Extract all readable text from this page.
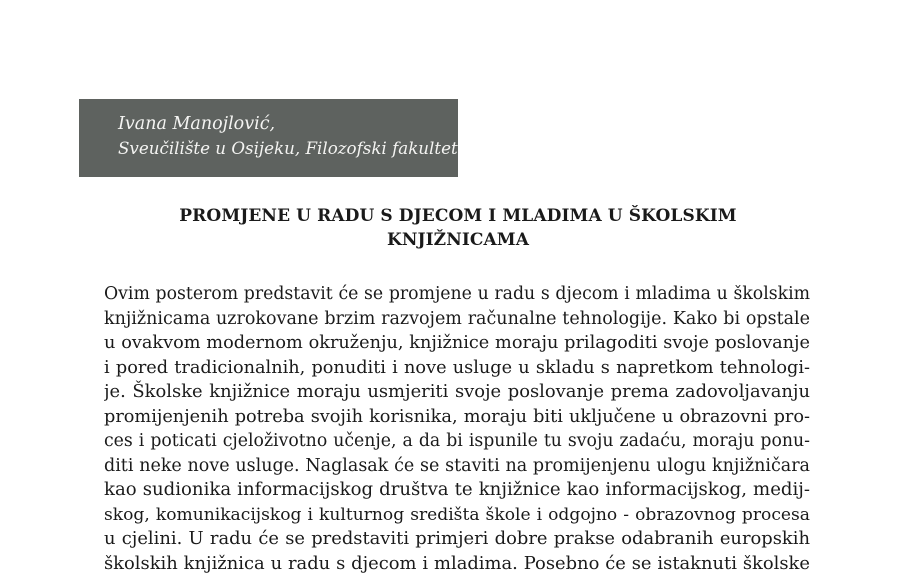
Ivana Manojlović,
Sveučilište u Osijeku, Filozofski fakultet
PROMJENE U RADU S DJECOM I MLADIMA U ŠKOLSKIM
KNJIŽNICAMA
Ovim posterom predstavit će se promjene u radu s djecom i mladima u školskim
knjižnicama uzrokovane brzim razvojem računalne tehnologije. Kako bi opstale
u ovakvom modernom okruženju, knjižnice moraju prilagoditi svoje poslovanje
i pored tradicionalnih, ponuditi i nove usluge u skladu s napretkom tehnologi-
je. Školske knjižnice moraju usmjeriti svoje poslovanje prema zadovoljavanju
promijenjenih potreba svojih korisnika, moraju biti uključene u obrazovni pro-
ces i poticati cjeloživotno učenje, a da bi ispunile tu svoju zadaću, moraju ponu-
diti neke nove usluge. Naglasak će se staviti na promijenjenu ulogu knjižničara
kao sudionika informacijskog društva te knjižnice kao informacijskog, medij-
skog, komunikacijskog i kulturnog središta škole i odgojno - obrazovnog procesa
u cjelini. U radu će se predstaviti primjeri dobre prakse odabranih europskih
školskih knjižnica u radu s djecom i mladima. Posebno će se istaknuti školske
